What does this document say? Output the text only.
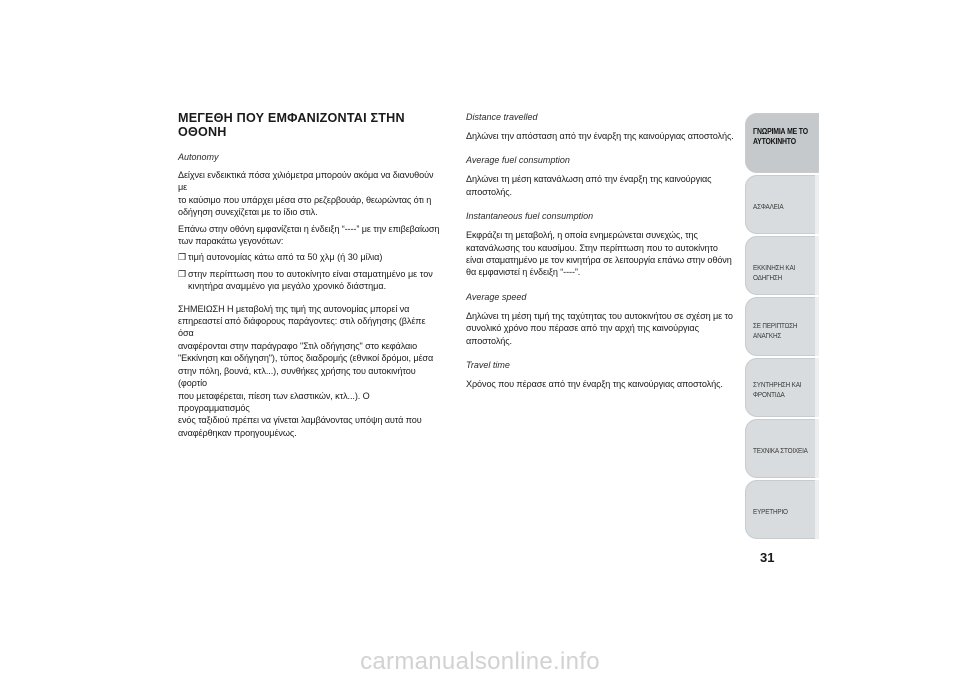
ΜΕΓΕΘΗ ΠΟΥ ΕΜΦΑΝΙΖΟΝΤΑΙ ΣΤΗΝ
ΟΘΟΝΗ
Autonomy
Δείχνει ενδεικτικά πόσα χιλιόμετρα μπορούν ακόμα να διανυθούν με
το καύσιμο που υπάρχει μέσα στο ρεζερβουάρ, θεωρώντας ότι η
οδήγηση συνεχίζεται με το ίδιο στιλ.
Επάνω στην οθόνη εμφανίζεται η ένδειξη “----” με την επιβεβαίωση
των παρακάτω γεγονότων:
❒ τιμή αυτονομίας κάτω από τα 50 χλμ (ή 30 μίλια)
❒ στην περίπτωση που το αυτοκίνητο είναι σταματημένο με τον
κινητήρα αναμμένο για μεγάλο χρονικό διάστημα.
ΣΗΜΕΙΩΣΗ Η μεταβολή της τιμή της αυτονομίας μπορεί να
επηρεαστεί από διάφορους παράγοντες: στιλ οδήγησης (βλέπε όσα
αναφέρονται στην παράγραφο "Στιλ οδήγησης" στο κεφάλαιο
"Εκκίνηση και οδήγηση"), τύπος διαδρομής (εθνικοί δρόμοι, μέσα
στην πόλη, βουνά, κτλ...), συνθήκες χρήσης του αυτοκινήτου (φορτίο
που μεταφέρεται, πίεση των ελαστικών, κτλ...). Ο προγραμματισμός
ενός ταξιδιού πρέπει να γίνεται λαμβάνοντας υπόψη αυτά που
αναφέρθηκαν προηγουμένως.
Distance travelled
Δηλώνει την απόσταση από την έναρξη της καινούργιας αποστολής.
Average fuel consumption
Δηλώνει τη μέση κατανάλωση από την έναρξη της καινούργιας
αποστολής.
Instantaneous fuel consumption
Εκφράζει τη μεταβολή, η οποία ενημερώνεται συνεχώς, της
κατανάλωσης του καυσίμου. Στην περίπτωση που το αυτοκίνητο
είναι σταματημένο με τον κινητήρα σε λειτουργία επάνω στην οθόνη
θα εμφανιστεί η ένδειξη “----”.
Average speed
Δηλώνει τη μέση τιμή της ταχύτητας του αυτοκινήτου σε σχέση με το
συνολικό χρόνο που πέρασε από την αρχή της καινούργιας
αποστολής.
Travel time
Χρόνος που πέρασε από την έναρξη της καινούργιας αποστολής.
ΓΝΩΡΙΜΙΑ ΜΕ ΤΟ
ΑΥΤΟΚΙΝΗΤΟ
ΑΣΦΑΛΕΙΑ
ΕΚΚΙΝΗΣΗ ΚΑΙ
ΟΔΗΓΗΣΗ
ΣΕ ΠΕΡΙΠΤΩΣΗ
ΑΝΑΓΚΗΣ
ΣΥΝΤΗΡΗΣΗ ΚΑΙ
ΦΡΟΝΤΙΔΑ
ΤΕΧΝΙΚΑ ΣΤΟΙΧΕΙΑ
ΕΥΡΕΤΗΡΙΟ
31
carmanualsonline.info
